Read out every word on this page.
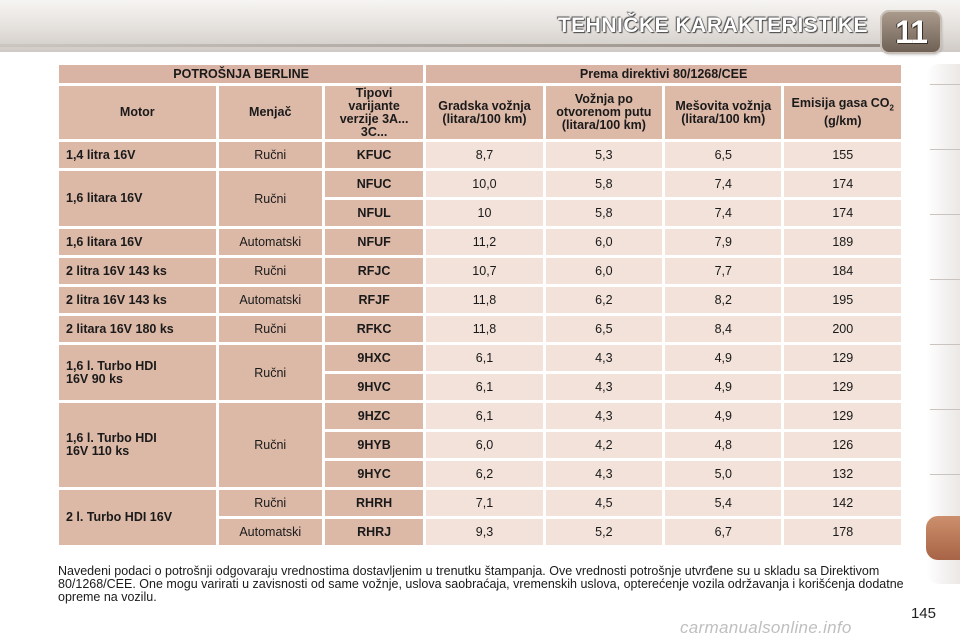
TEHNIČKE KARAKTERISTIKE 11
POTROŠNJA BERLINE			Prema direktivi 80/1268/CEE			
Motor	Menjač	Tipovi varijante verzije 3A... 3C...	Gradska vožnja (litara/100 km)	Vožnja po otvorenom putu (litara/100 km)	Mešovita vožnja (litara/100 km)	Emisija gasa $CO_2$ (g/km)
1,4 litra 16V	Ručni	KFUC	8,7	5,3	6,5	155
1,6 litara 16V	Ručni	NFUC	10,0	5,8	7,4	174
		NFUL	10	5,8	7,4	174
1,6 litara 16V	Automatski	NFUF	11,2	6,0	7,9	189
2 litra 16V 143 ks	Ručni	RFJC	10,7	6,0	7,7	184
2 litra 16V 143 ks	Automatski	RFJF	11,8	6,2	8,2	195
2 litara 16V 180 ks	Ručni	RFKC	11,8	6,5	8,4	200
1,6 l. Turbo HDI
16V 90 ks	Ručni	9HXC	6,1	4,3	4,9	129
		9HVC	6,1	4,3	4,9	129
1,6 l. Turbo HDI
16V 110 ks	Ručni	9HZC	6,1	4,3	4,9	129
		9HYB	6,0	4,2	4,8	126
		9HYC	6,2	4,3	5,0	132
2 l. Turbo HDI 16V	Ručni	RHRH	7,1	4,5	5,4	142
	Automatski	RHRJ	9,3	5,2	6,7	178
Navedeni podaci o potrošnji odgovaraju vrednostima dostavljenim u trenutku štampanja. Ove vrednosti potrošnje utvrđene su u skladu sa Direktivom 80/1268/CEE. One mogu varirati u zavisnosti od same vožnje, uslova saobraćaja, vremenskih uslova, opterećenje vozila održavanja i korišćenja dodatne opreme na vozilu.
145
carmanualsonline.info
